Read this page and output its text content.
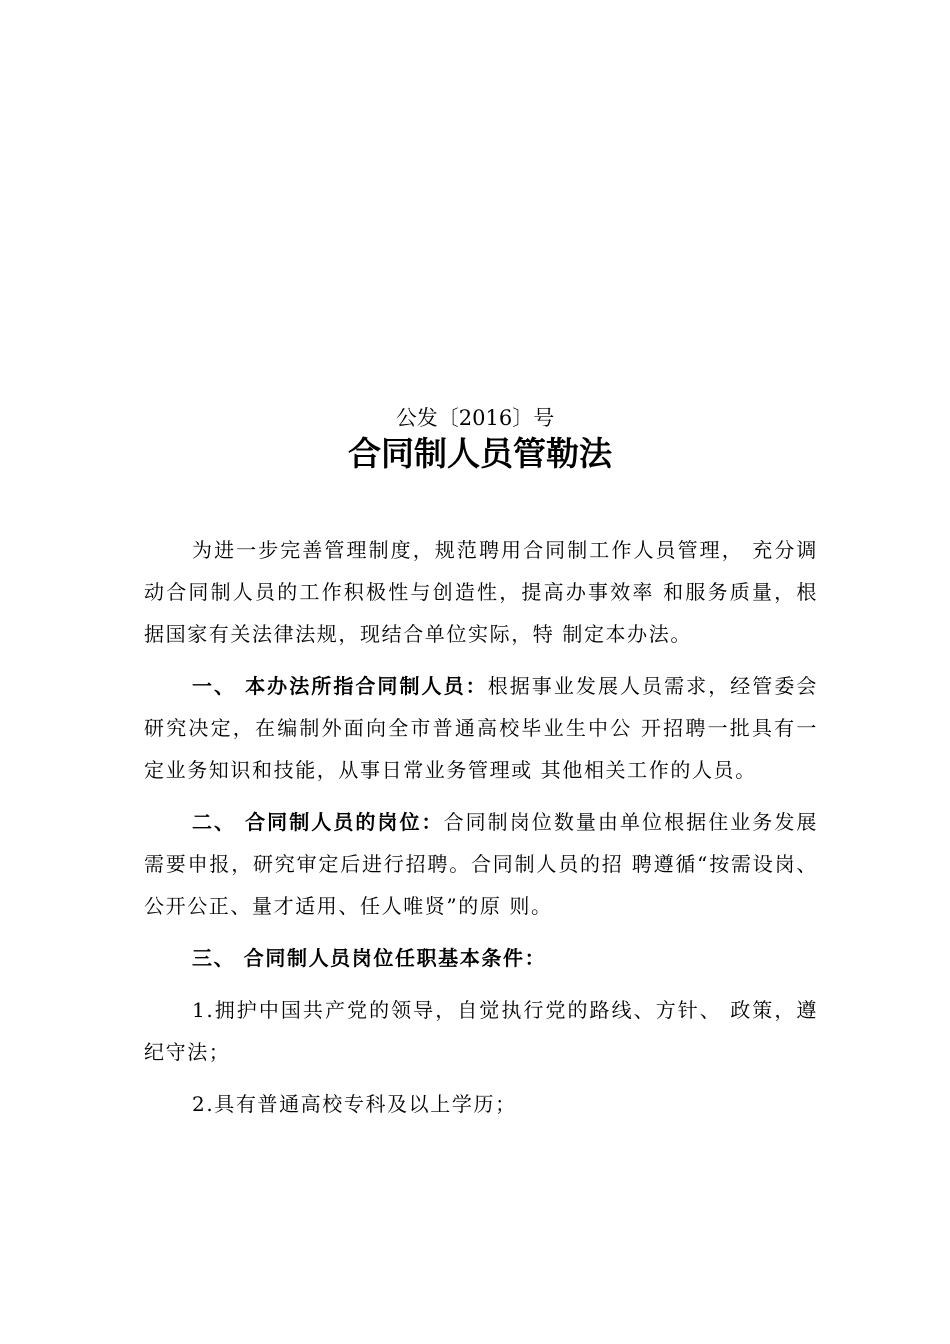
公发〔2016〕号
合同制人员管勒法

为进一步完善管理制度，规范聘用合同制工作人员管理， 充分调动合同制人员的工作积极性与创造性，提高办事效率 和服务质量，根据国家有关法律法规，现结合单位实际，特 制定本办法。

一、 本办法所指合同制人员：根据事业发展人员需求，经管委会研究决定，在编制外面向全市普通高校毕业生中公 开招聘一批具有一定业务知识和技能，从事日常业务管理或 其他相关工作的人员。

二、 合同制人员的岗位：合同制岗位数量由单位根据住业务发展需要申报，研究审定后进行招聘。合同制人员的招 聘遵循“按需设岗、公开公正、量才适用、任人唯贤”的原 则。

三、 合同制人员岗位任职基本条件：

1.拥护中国共产党的领导，自觉执行党的路线、方针、 政策，遵纪守法；

2.具有普通高校专科及以上学历；
